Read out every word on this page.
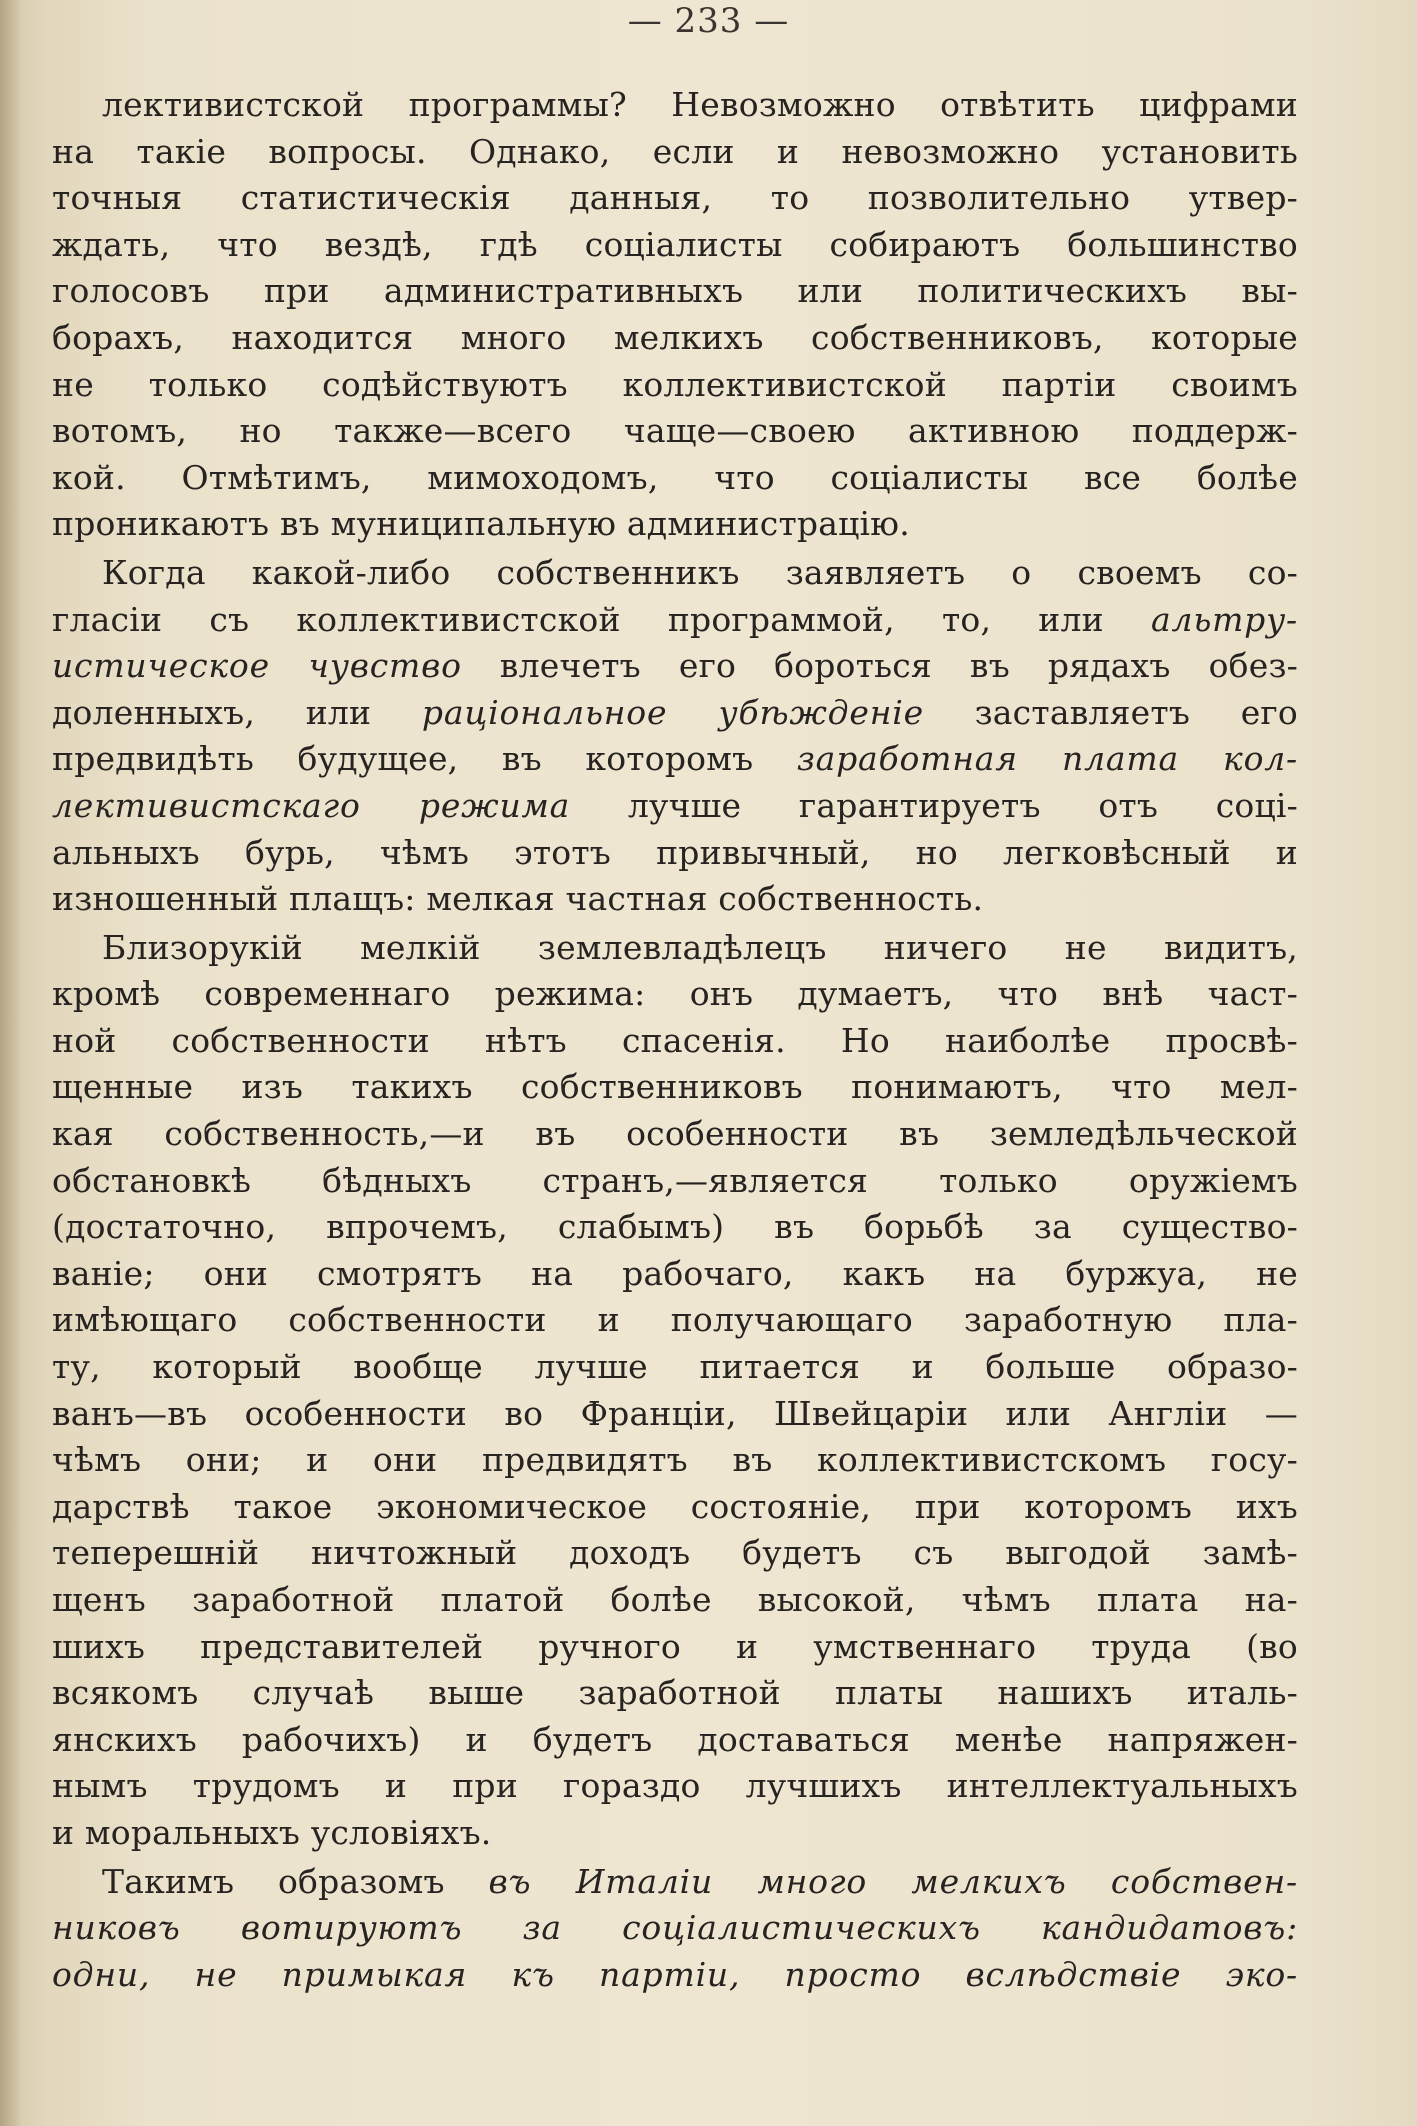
— 233 —
лективистской программы? Невозможно отвѣтить цифрами
на такіе вопросы. Однако, если и невозможно установить
точныя статистическія данныя, то позволительно утвер-
ждать, что вездѣ, гдѣ соціалисты собираютъ большинство
голосовъ при административныхъ или политическихъ вы-
борахъ, находится много мелкихъ собственниковъ, которые
не только содѣйствуютъ коллективистской партіи своимъ
вотомъ, но также—всего чаще—своею активною поддерж-
кой. Отмѣтимъ, мимоходомъ, что соціалисты все болѣе
проникаютъ въ муниципальную администрацію.
Когда какой-либо собственникъ заявляетъ о своемъ со-
гласіи съ коллективистской программой, то, или альтру-
истическое чувство влечетъ его бороться въ рядахъ обез-
доленныхъ, или раціональное убѣжденіе заставляетъ его
предвидѣть будущее, въ которомъ заработная плата кол-
лективистскаго режима лучше гарантируетъ отъ соці-
альныхъ бурь, чѣмъ этотъ привычный, но легковѣсный и
изношенный плащъ: мелкая частная собственность.
Близорукій мелкій землевладѣлецъ ничего не видитъ,
кромѣ современнаго режима: онъ думаетъ, что внѣ част-
ной собственности нѣтъ спасенія. Но наиболѣе просвѣ-
щенные изъ такихъ собственниковъ понимаютъ, что мел-
кая собственность,—и въ особенности въ земледѣльческой
обстановкѣ бѣдныхъ странъ,—является только оружіемъ
(достаточно, впрочемъ, слабымъ) въ борьбѣ за существо-
ваніе; они смотрятъ на рабочаго, какъ на буржуа, не
имѣющаго собственности и получающаго заработную пла-
ту, который вообще лучше питается и больше образо-
ванъ—въ особенности во Франціи, Швейцаріи или Англіи —
чѣмъ они; и они предвидятъ въ коллективистскомъ госу-
дарствѣ такое экономическое состояніе, при которомъ ихъ
теперешній ничтожный доходъ будетъ съ выгодой замѣ-
щенъ заработной платой болѣе высокой, чѣмъ плата на-
шихъ представителей ручного и умственнаго труда (во
всякомъ случаѣ выше заработной платы нашихъ италь-
янскихъ рабочихъ) и будетъ доставаться менѣе напряжен-
нымъ трудомъ и при гораздо лучшихъ интеллектуальныхъ
и моральныхъ условіяхъ.
Такимъ образомъ въ Италіи много мелкихъ собствен-
никовъ вотируютъ за соціалистическихъ кандидатовъ:
одни, не примыкая къ партіи, просто вслѣдствіе эко-
